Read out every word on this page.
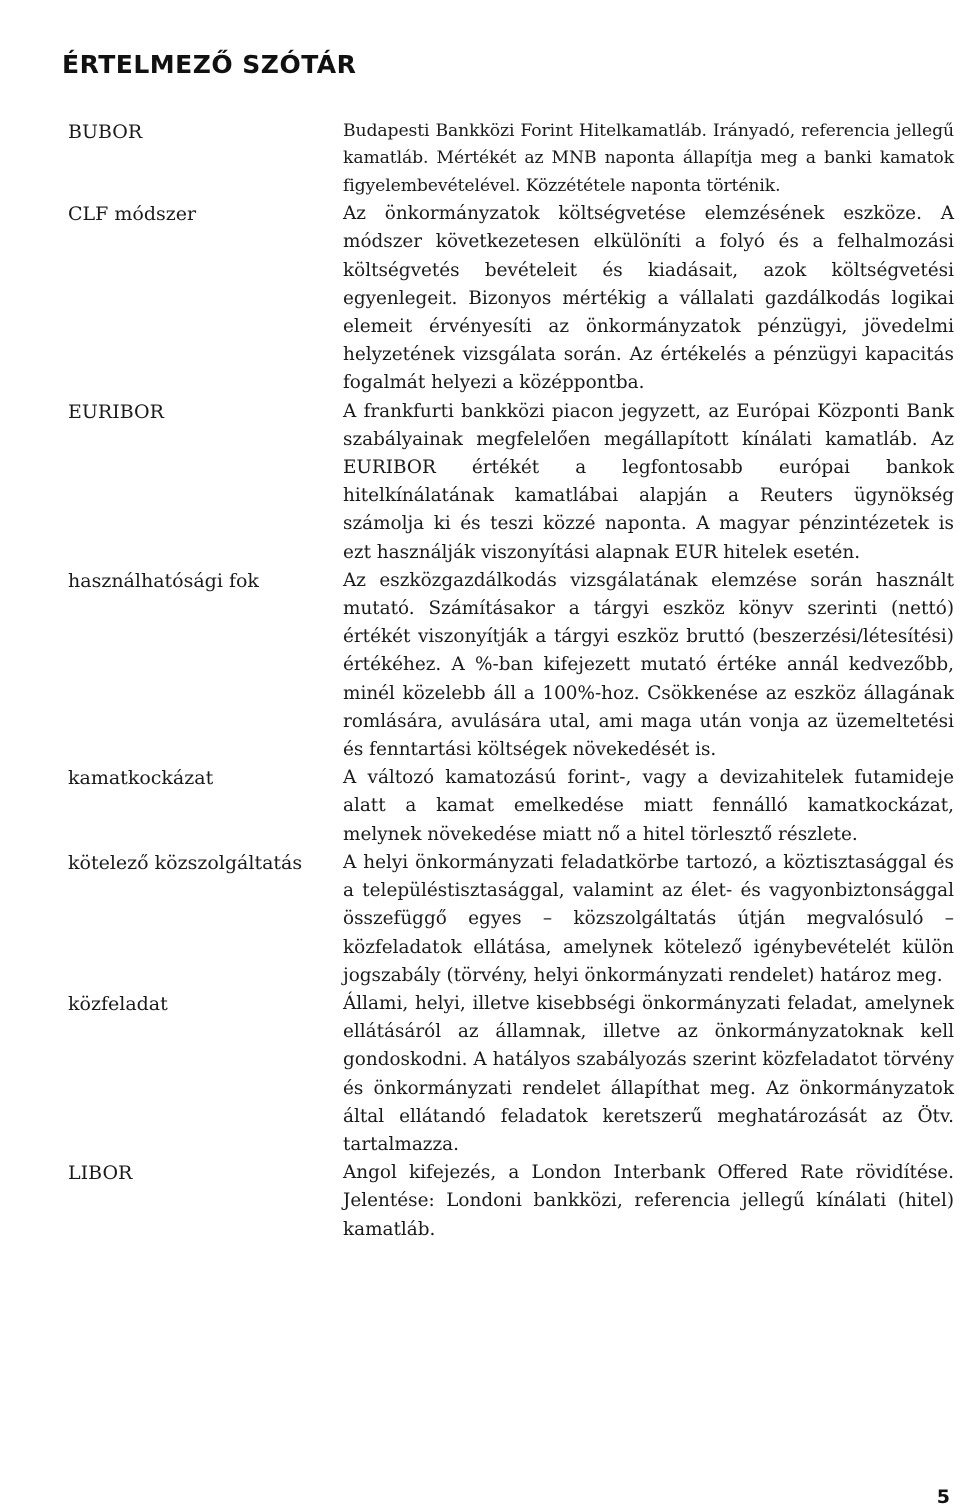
ÉRTELMEZŐ SZÓTÁR
BUBOR	Budapesti Bankközi Forint Hitelkamatláb. Irányadó, referencia jellegű kamatláb. Mértékét az MNB naponta állapítja meg a banki kamatok figyelembevételével. Közzététele naponta történik.
CLF módszer	Az önkormányzatok költségvetése elemzésének eszköze. A módszer következetesen elkülöníti a folyó és a felhalmozási költségvetés bevételeit és kiadásait, azok költségvetési egyenlegeit. Bizonyos mértékig a vállalati gazdálkodás logikai elemeit érvényesíti az önkormányzatok pénzügyi, jövedelmi helyzetének vizsgálata során. Az értékelés a pénzügyi kapacitás fogalmát helyezi a középpontba.
EURIBOR	A frankfurti bankközi piacon jegyzett, az Európai Központi Bank szabályainak megfelelően megállapított kínálati kamatláb. Az EURIBOR értékét a legfontosabb európai bankok hitelkínálatának kamatlábai alapján a Reuters ügynökség számolja ki és teszi közzé naponta. A magyar pénzintézetek is ezt használják viszonyítási alapnak EUR hitelek esetén.
használhatósági fok	Az eszközgazdálkodás vizsgálatának elemzése során használt mutató. Számításakor a tárgyi eszköz könyv szerinti (nettó) értékét viszonyítják a tárgyi eszköz bruttó (beszerzési/létesítési) értékéhez. A %-ban kifejezett mutató értéke annál kedvezőbb, minél közelebb áll a 100%-hoz. Csökkenése az eszköz állagának romlására, avulására utal, ami maga után vonja az üzemeltetési és fenntartási költségek növekedését is.
kamatkockázat	A változó kamatozású forint-, vagy a devizahitelek futamideje alatt a kamat emelkedése miatt fennálló kamatkockázat, melynek növekedése miatt nő a hitel törlesztő részlete.
kötelező közszolgáltatás	A helyi önkormányzati feladatkörbe tartozó, a köztisztasággal és a településtisztasággal, valamint az élet- és vagyonbiztonsággal összefüggő egyes – közszolgáltatás útján megvalósuló – közfeladatok ellátása, amelynek kötelező igénybevételét külön jogszabály (törvény, helyi önkormányzati rendelet) határoz meg.
közfeladat	Állami, helyi, illetve kisebbségi önkormányzati feladat, amelynek ellátásáról az államnak, illetve az önkormányzatoknak kell gondoskodni. A hatályos szabályozás szerint közfeladatot törvény és önkormányzati rendelet állapíthat meg. Az önkormányzatok által ellátandó feladatok keretszerű meghatározását az Ötv. tartalmazza.
LIBOR	Angol kifejezés, a London Interbank Offered Rate rövidítése. Jelentése: Londoni bankközi, referencia jellegű kínálati (hitel) kamatláb.
5
